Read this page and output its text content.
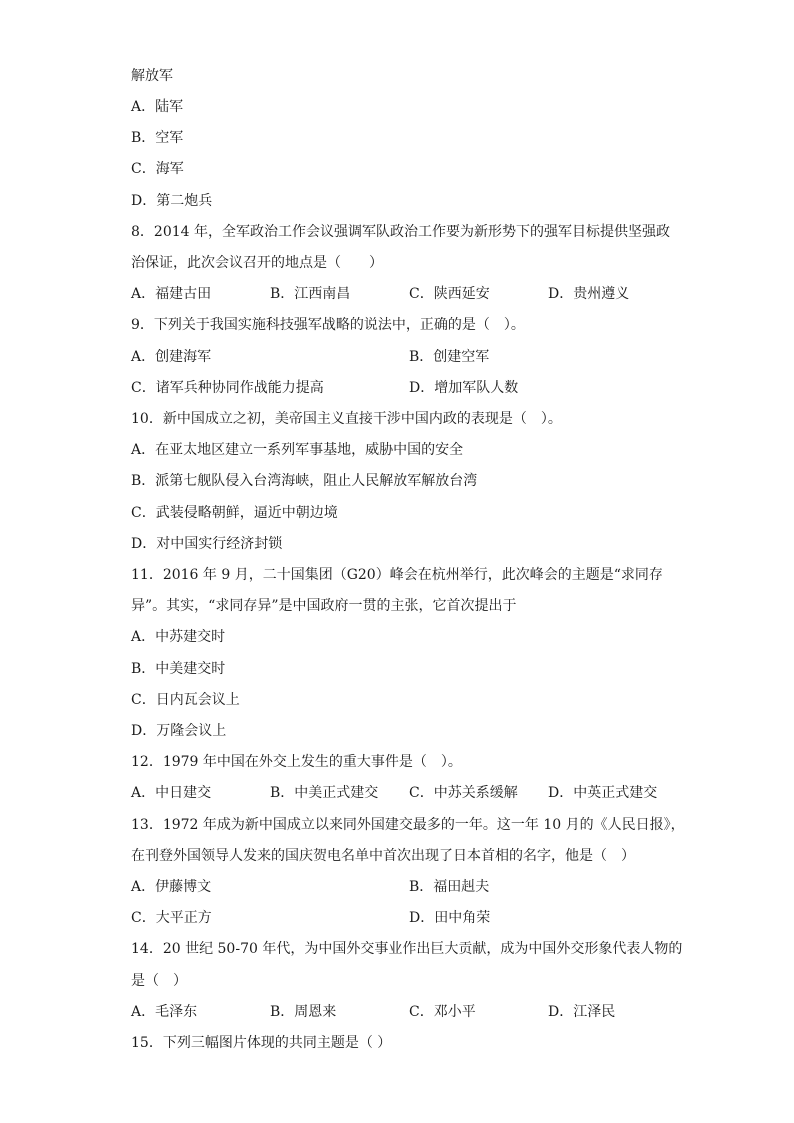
解放军
A．陆军
B．空军
C．海军
D．第二炮兵
8．2014 年，全军政治工作会议强调军队政治工作要为新形势下的强军目标提供坚强政
治保证，此次会议召开的地点是（　　）
A．福建古田	B．江西南昌	C．陕西延安	D．贵州遵义
9．下列关于我国实施科技强军战略的说法中，正确的是（　）。
A．创建海军	B．创建空军
C．诸军兵种协同作战能力提高	D．增加军队人数
10．新中国成立之初，美帝国主义直接干涉中国内政的表现是（　）。
A．在亚太地区建立一系列军事基地，威胁中国的安全
B．派第七舰队侵入台湾海峡，阻止人民解放军解放台湾
C．武装侵略朝鲜，逼近中朝边境
D．对中国实行经济封锁
11．2016 年 9 月，二十国集团（G20）峰会在杭州举行，此次峰会的主题是“求同存
异”。其实，“求同存异”是中国政府一贯的主张，它首次提出于
A．中苏建交时
B．中美建交时
C．日内瓦会议上
D．万隆会议上
12．1979 年中国在外交上发生的重大事件是（　）。
A．中日建交	B．中美正式建交 C．中苏关系缓解 D．中英正式建交
13．1972 年成为新中国成立以来同外国建交最多的一年。这一年 10 月的《人民日报》，
在刊登外国领导人发来的国庆贺电名单中首次出现了日本首相的名字，他是（　）
A．伊藤博文	B．福田赳夫
C．大平正方	D．田中角荣
14．20 世纪 50-70 年代，为中国外交事业作出巨大贡献，成为中国外交形象代表人物的
是（　）
A．毛泽东	B．周恩来	C．邓小平	D．江泽民
15．下列三幅图片体现的共同主题是（ ）
